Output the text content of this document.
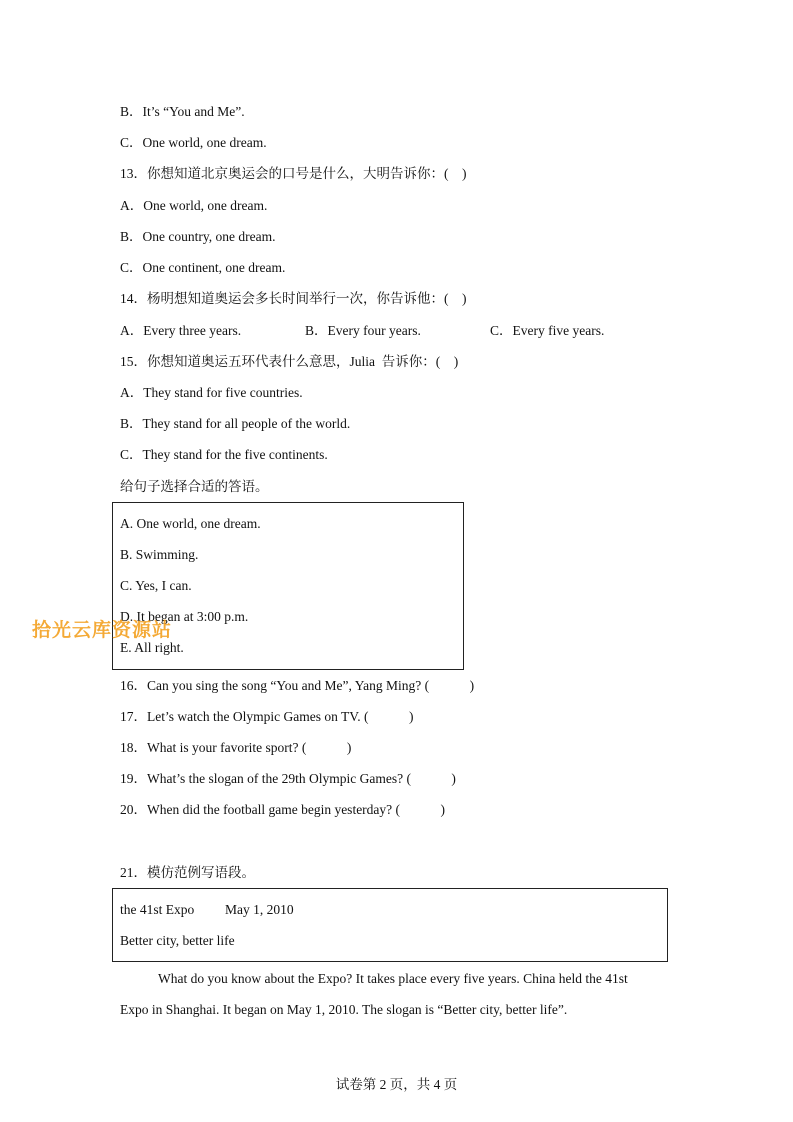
B．It’s “You and Me”.
C．One world, one dream.
13．你想知道北京奥运会的口号是什么，大明告诉你：(　)
A．One world, one dream.
B．One country, one dream.
C．One continent, one dream.
14．杨明想知道奥运会多长时间举行一次，你告诉他：(　)
A．Every three years.	B．Every four years.	C．Every five years.
15．你想知道奥运五环代表什么意思，Julia  告诉你：(　)
A．They stand for five countries.
B．They stand for all people of the world.
C．They stand for the five continents.
给句子选择合适的答语。
A. One world, one dream.
B. Swimming.
C. Yes, I can.
D. It began at 3:00 p.m.
E. All right.
16．Can you sing the song “You and Me”, Yang Ming? (　　　)
17．Let’s watch the Olympic Games on TV. (　　　)
18．What is your favorite sport? (　　　)
19．What’s the slogan of the 29th Olympic Games? (　　　)
20．When did the football game begin yesterday? (　　　)
21．模仿范例写语段。
the 41st Expo May 1, 2010
Better city, better life
What do you know about the Expo? It takes place every five years. China held the 41st
Expo in Shanghai. It began on May 1, 2010. The slogan is “Better city, better life”.
拾光云库资源站
试卷第 2 页，共 4 页
